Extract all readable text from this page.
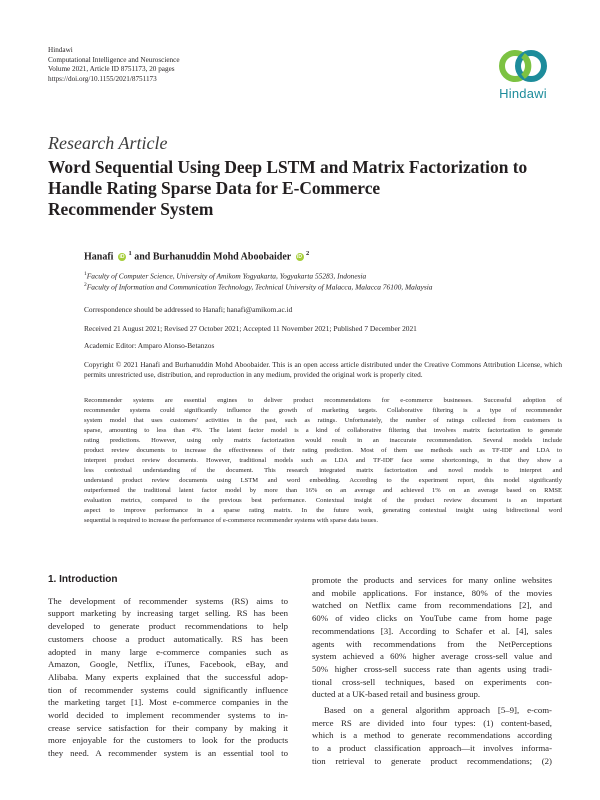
Hindawi
Computational Intelligence and Neuroscience
Volume 2021, Article ID 8751173, 20 pages
https://doi.org/10.1155/2021/8751173
Hindawi
Research Article
Word Sequential Using Deep LSTM and Matrix Factorization to
Handle Rating Sparse Data for E-Commerce
Recommender System
Hanafi iD $^1$ and Burhanuddin Mohd Aboobaider iD $^2$
$^1$Faculty of Computer Science, University of Amikom Yogyakarta, Yogyakarta 55283, Indonesia
$^2$Faculty of Information and Communication Technology, Technical University of Malacca, Malacca 76100, Malaysia
Correspondence should be addressed to Hanafi; hanafi@amikom.ac.id
Received 21 August 2021; Revised 27 October 2021; Accepted 11 November 2021; Published 7 December 2021
Academic Editor: Amparo Alonso-Betanzos
Copyright © 2021 Hanafi and Burhanuddin Mohd Aboobaider. This is an open access article distributed under the Creative Commons Attribution License, which permits unrestricted use, distribution, and reproduction in any medium, provided the original work is properly cited.
Recommender systems are essential engines to deliver product recommendations for e-commerce businesses. Successful adoption of
recommender systems could significantly influence the growth of marketing targets. Collaborative filtering is a type of recommender
system model that uses customers' activities in the past, such as ratings. Unfortunately, the number of ratings collected from customers is
sparse, amounting to less than 4%. The latent factor model is a kind of collaborative filtering that involves matrix factorization to generate
rating predictions. However, using only matrix factorization would result in an inaccurate recommendation. Several models include
product review documents to increase the effectiveness of their rating prediction. Most of them use methods such as TF-IDF and LDA to
interpret product review documents. However, traditional models such as LDA and TF-IDF face some shortcomings, in that they show a
less contextual understanding of the document. This research integrated matrix factorization and novel models to interpret and
understand product review documents using LSTM and word embedding. According to the experiment report, this model significantly
outperformed the traditional latent factor model by more than 16% on an average and achieved 1% on an average based on RMSE
evaluation metrics, compared to the previous best performance. Contextual insight of the product review document is an important
aspect to improve performance in a sparse rating matrix. In the future work, generating contextual insight using bidirectional word
sequential is required to increase the performance of e-commerce recommender systems with sparse data issues.
1. Introduction
The development of recommender systems (RS) aims to
support marketing by increasing target selling. RS has been
developed to generate product recommendations to help
customers choose a product automatically. RS has been
adopted in many large e-commerce companies such as
Amazon, Google, Netflix, iTunes, Facebook, eBay, and
Alibaba. Many experts explained that the successful adop-
tion of recommender systems could significantly influence
the marketing target [1]. Most e-commerce companies in the
world decided to implement recommender systems to in-
crease service satisfaction for their company by making it
more enjoyable for the customers to look for the products
they need. A recommender system is an essential tool to
promote the products and services for many online websites
and mobile applications. For instance, 80% of the movies
watched on Netflix came from recommendations [2], and
60% of video clicks on YouTube came from home page
recommendations [3]. According to Schafer et al. [4], sales
agents with recommendations from the NetPerceptions
system achieved a 60% higher average cross-sell value and
50% higher cross-sell success rate than agents using tradi-
tional cross-sell techniques, based on experiments con-
ducted at a UK-based retail and business group.
Based on a general algorithm approach [5–9], e-com-
merce RS are divided into four types: (1) content-based,
which is a method to generate recommendations according
to a product classification approach—it involves informa-
tion retrieval to generate product recommendations; (2)
